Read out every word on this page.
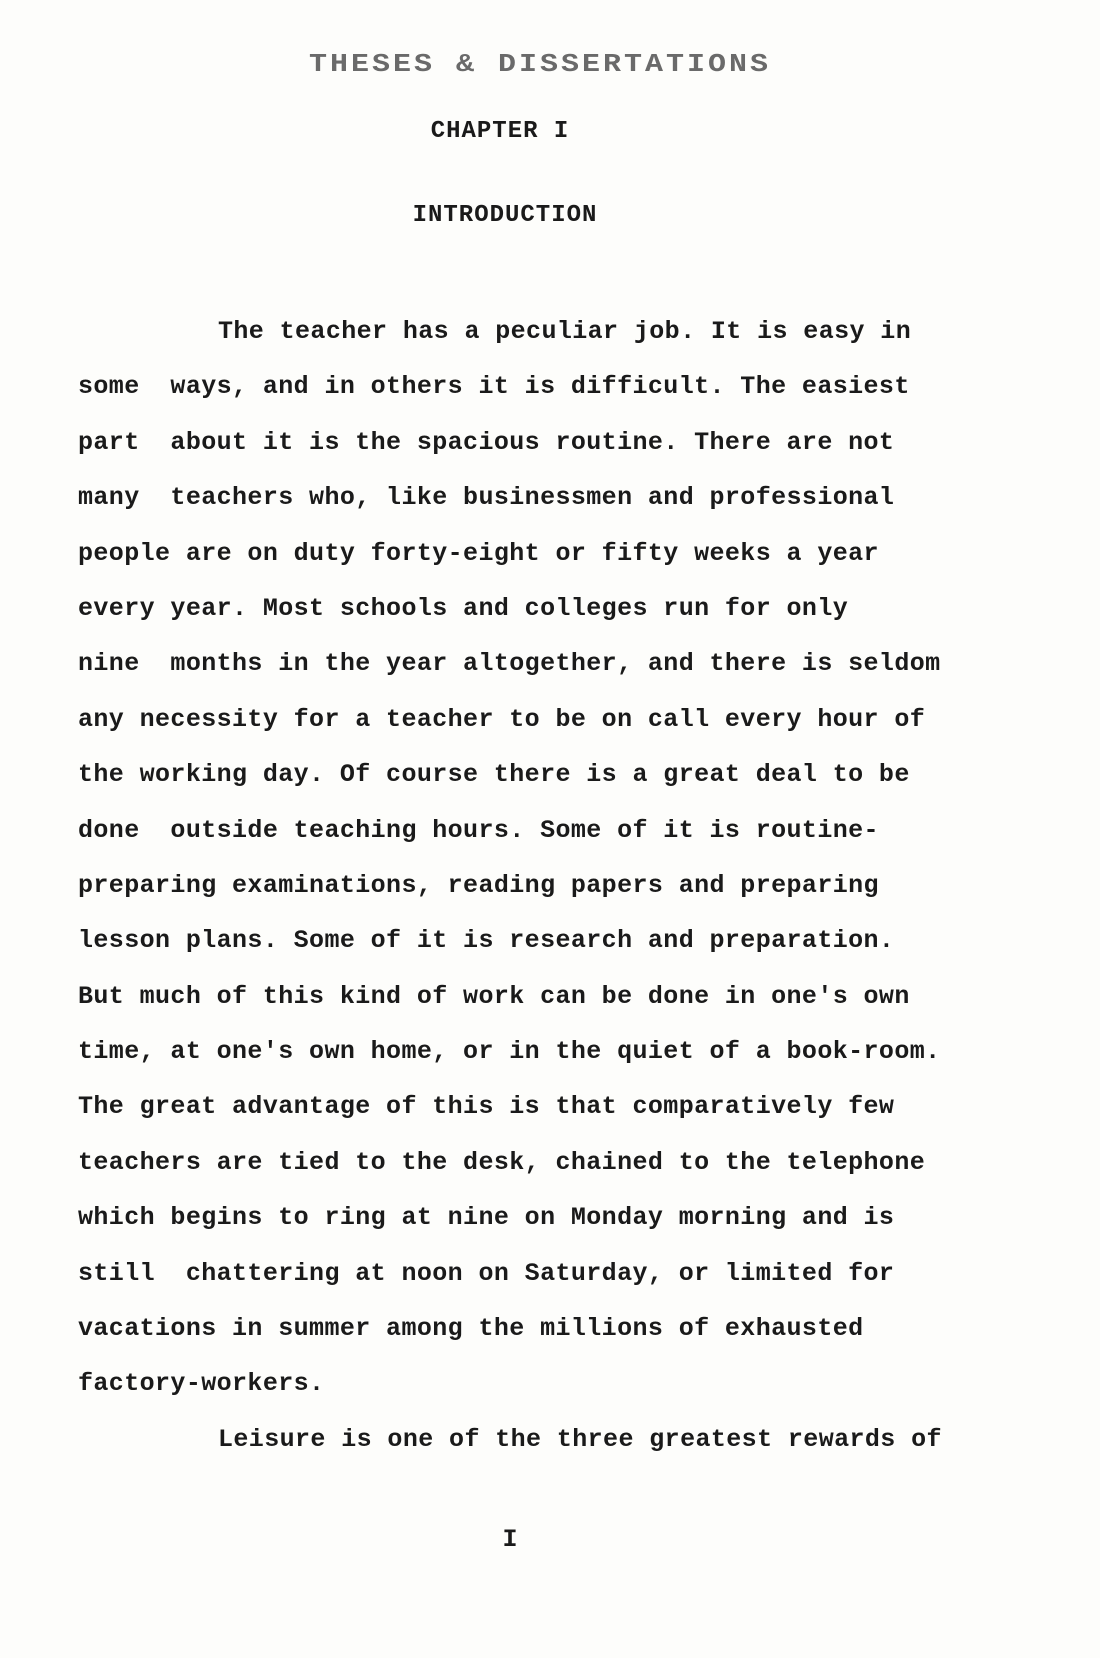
THESES & DISSERTATIONS
CHAPTER I
INTRODUCTION
The teacher has a peculiar job. It is easy in
some  ways, and in others it is difficult. The easiest
part  about it is the spacious routine. There are not
many  teachers who, like businessmen and professional
people are on duty forty-eight or fifty weeks a year
every year. Most schools and colleges run for only
nine  months in the year altogether, and there is seldom
any necessity for a teacher to be on call every hour of
the working day. Of course there is a great deal to be
done  outside teaching hours. Some of it is routine-
preparing examinations, reading papers and preparing
lesson plans. Some of it is research and preparation.
But much of this kind of work can be done in one's own
time, at one's own home, or in the quiet of a book-room.
The great advantage of this is that comparatively few
teachers are tied to the desk, chained to the telephone
which begins to ring at nine on Monday morning and is
still  chattering at noon on Saturday, or limited for
vacations in summer among the millions of exhausted
factory-workers.
Leisure is one of the three greatest rewards of
I
